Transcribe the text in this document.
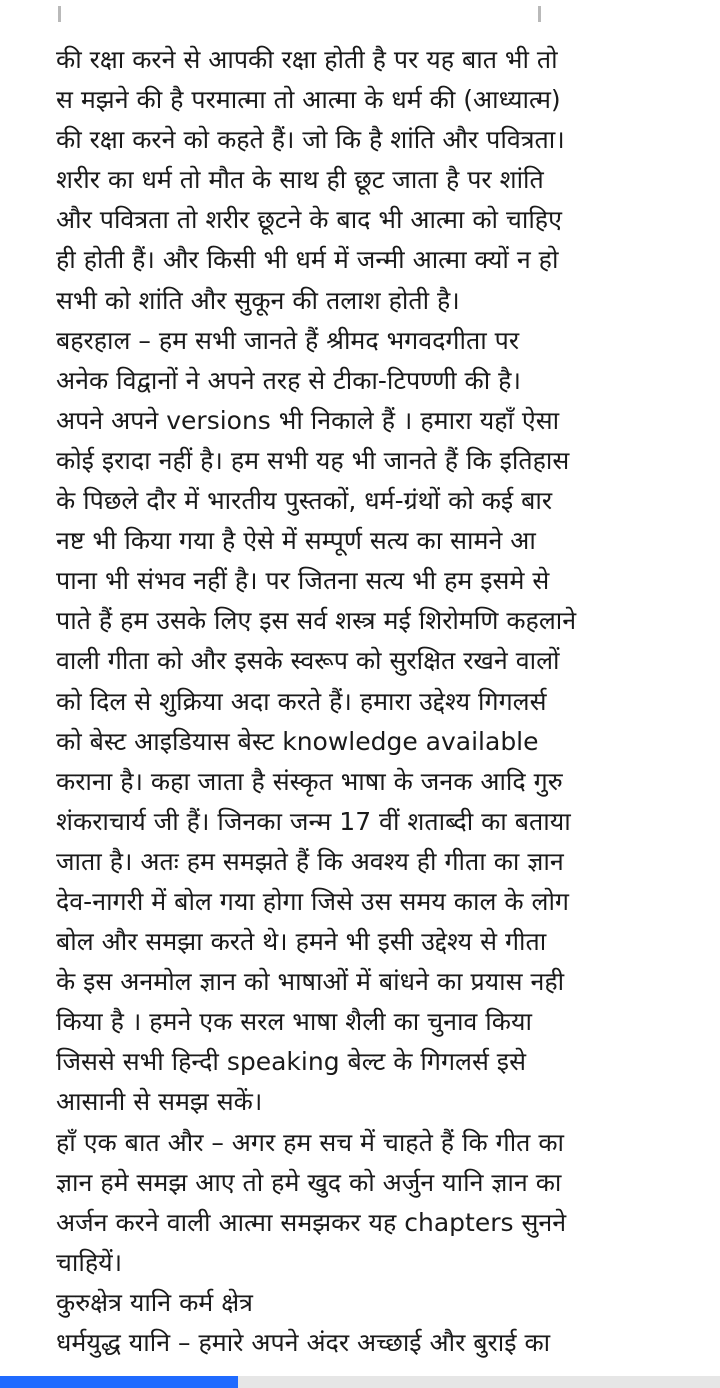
की रक्षा करने से आपकी रक्षा होती है पर यह बात भी तो
स मझने की है परमात्मा तो आत्मा के धर्म की (आध्यात्म)
की रक्षा करने को कहते हैं। जो कि है शांति और पवित्रता।
शरीर का धर्म तो मौत के साथ ही छूट जाता है पर शांति
और पवित्रता तो शरीर छूटने के बाद भी आत्मा को चाहिए
ही होती हैं। और किसी भी धर्म में जन्मी आत्मा क्यों न हो
सभी को शांति और सुकून की तलाश होती है।
बहरहाल – हम सभी जानते हैं श्रीमद भगवदगीता पर
अनेक विद्वानों ने अपने तरह से टीका-टिपण्णी की है।
अपने अपने versions भी निकाले हैं । हमारा यहाँ ऐसा
कोई इरादा नहीं है। हम सभी यह भी जानते हैं कि इतिहास
के पिछले दौर में भारतीय पुस्तकों, धर्म-ग्रंथों को कई बार
नष्ट भी किया गया है ऐसे में सम्पूर्ण सत्य का सामने आ
पाना भी संभव नहीं है। पर जितना सत्य भी हम इसमे से
पाते हैं हम उसके लिए इस सर्व शस्त्र मई शिरोमणि कहलाने
वाली गीता को और इसके स्वरूप को सुरक्षित रखने वालों
को दिल से शुक्रिया अदा करते हैं। हमारा उद्देश्य गिगलर्स
को बेस्ट आइडियास बेस्ट knowledge available
कराना है। कहा जाता है संस्कृत भाषा के जनक आदि गुरु
शंकराचार्य जी हैं। जिनका जन्म 17 वीं शताब्दी का बताया
जाता है। अतः हम समझते हैं कि अवश्य ही गीता का ज्ञान
देव-नागरी में बोल गया होगा जिसे उस समय काल के लोग
बोल और समझा करते थे। हमने भी इसी उद्देश्य से गीता
के इस अनमोल ज्ञान को भाषाओं में बांधने का प्रयास नही
किया है । हमने एक सरल भाषा शैली का चुनाव किया
जिससे सभी हिन्दी speaking बेल्ट के गिगलर्स इसे
आसानी से समझ सकें।
हाँ एक बात और – अगर हम सच में चाहते हैं कि गीत का
ज्ञान हमे समझ आए तो हमे खुद को अर्जुन यानि ज्ञान का
अर्जन करने वाली आत्मा समझकर यह chapters सुनने
चाहियें।
कुरुक्षेत्र यानि कर्म क्षेत्र
धर्मयुद्ध यानि – हमारे अपने अंदर अच्छाई और बुराई का
